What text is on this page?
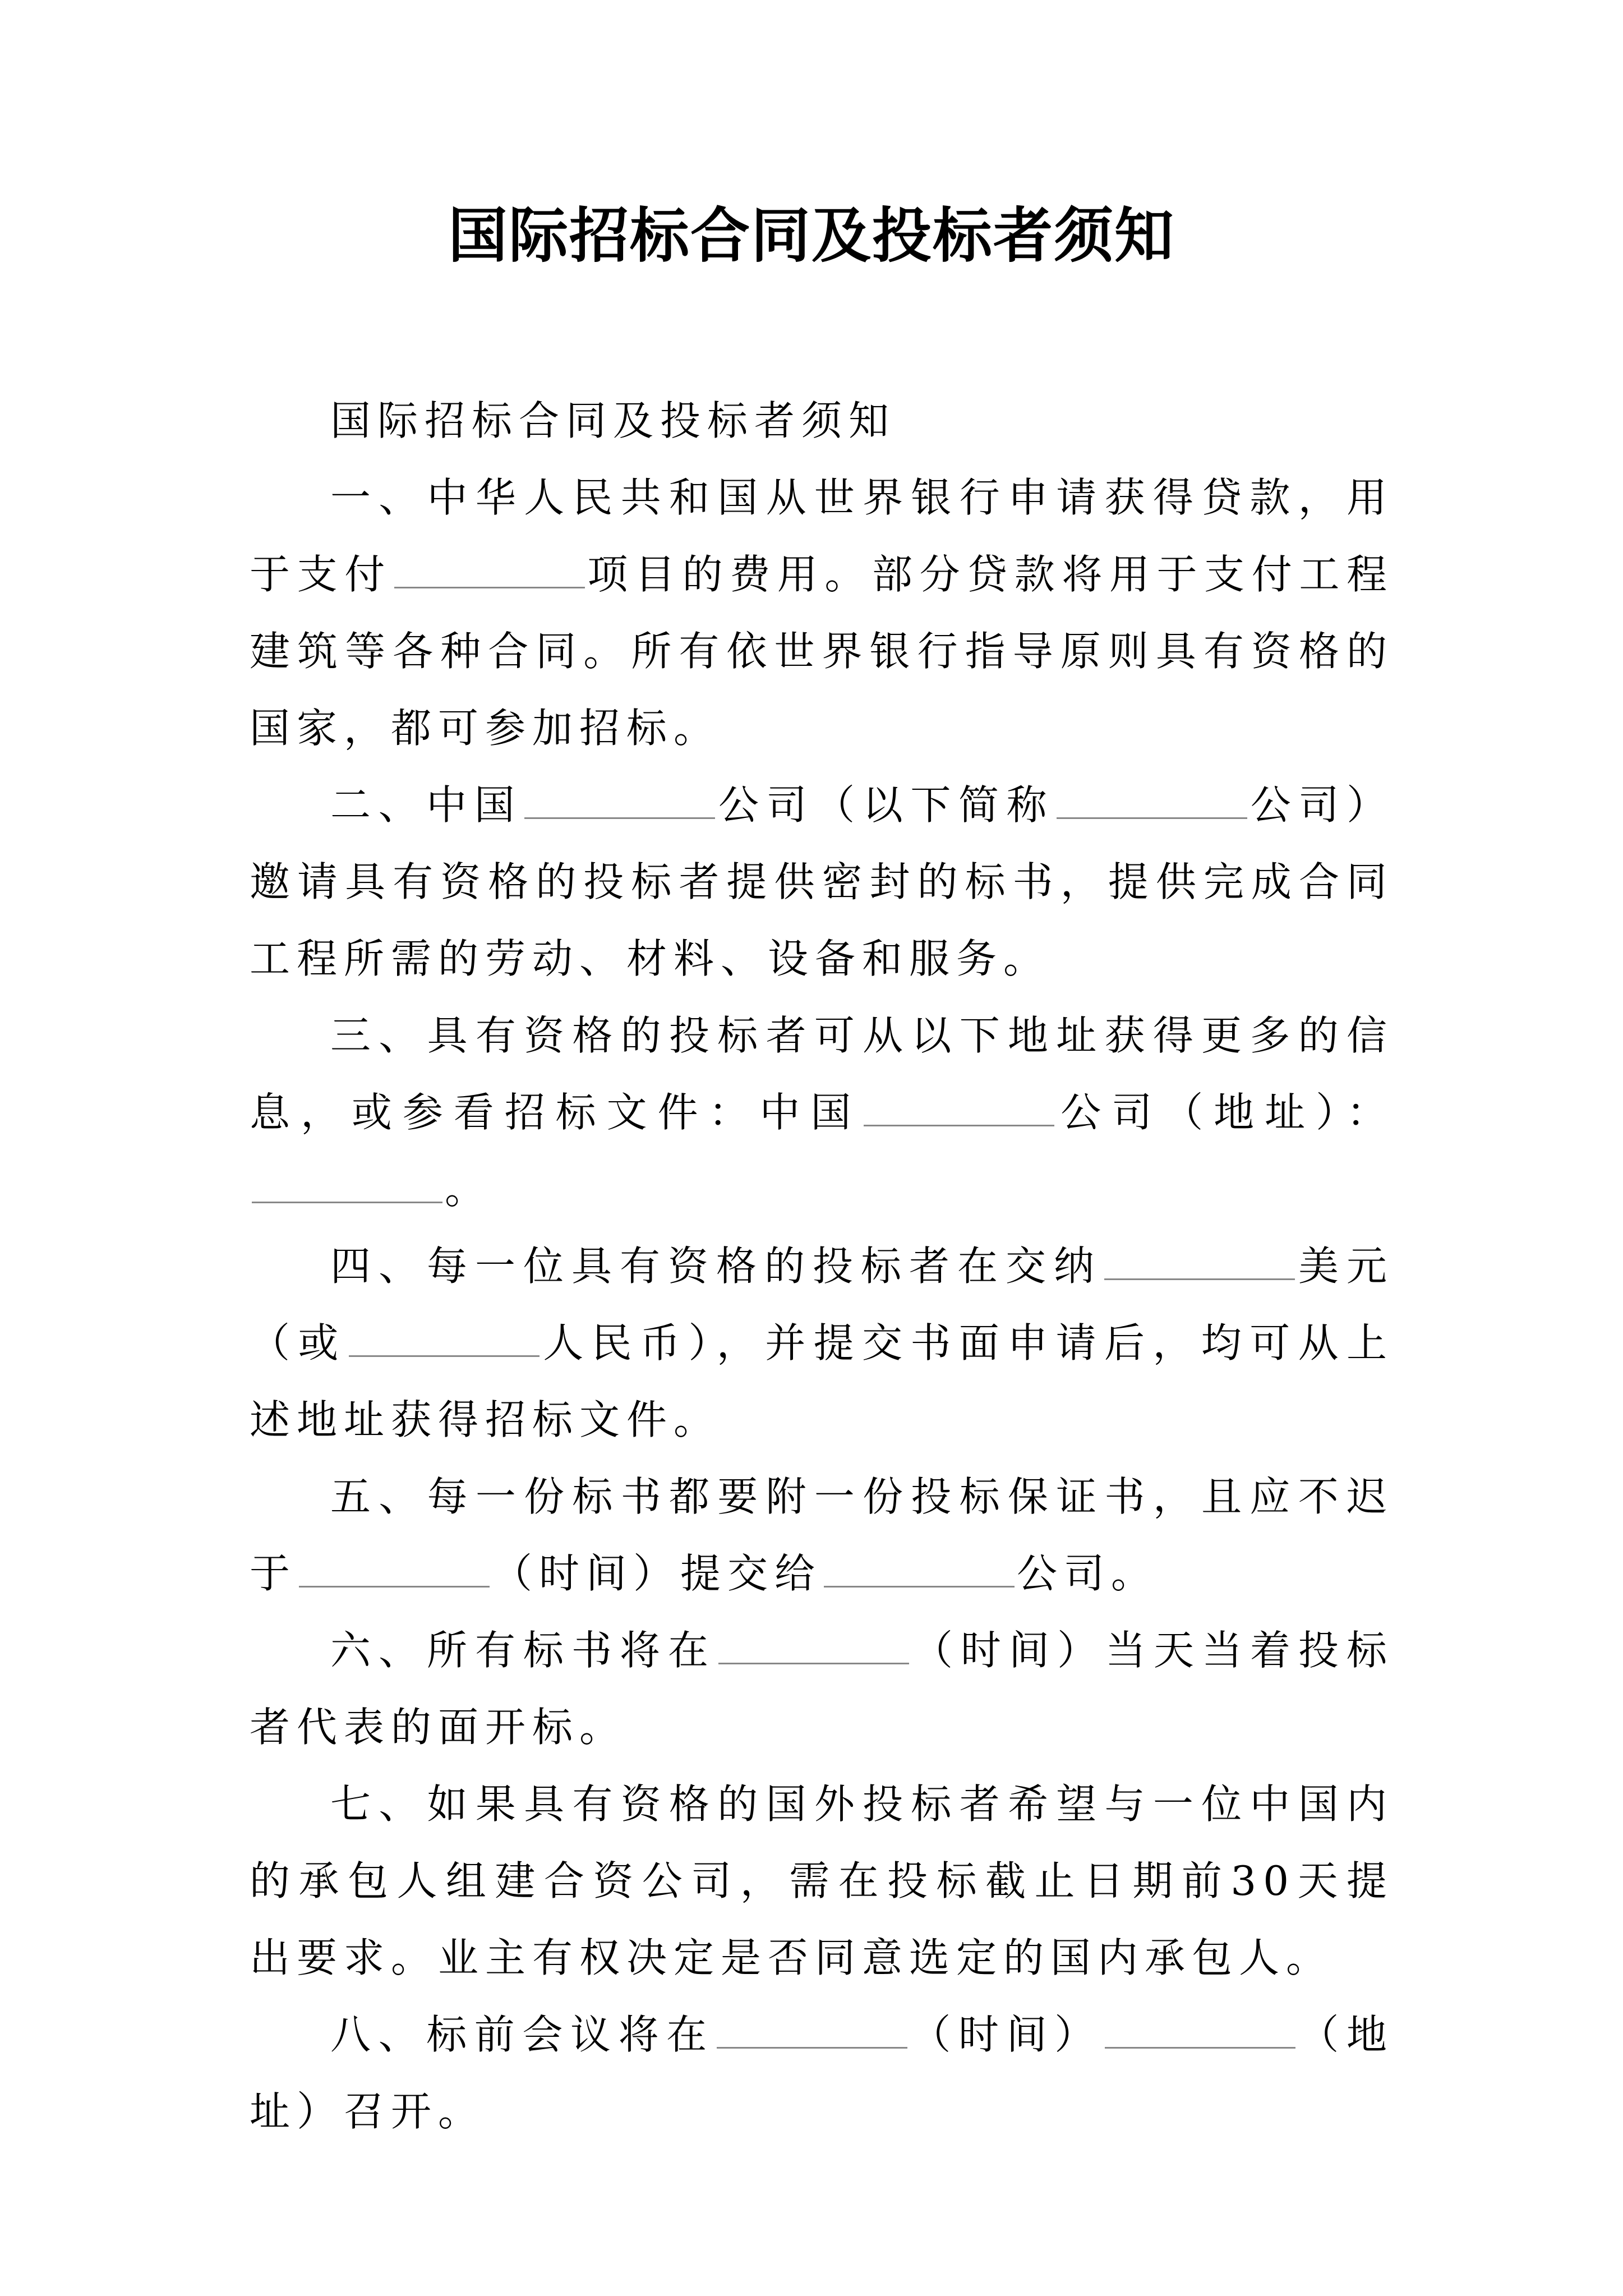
国际招标合同及投标者须知

国际招标合同及投标者须知

一、中华人民共和国从世界银行申请获得贷款，用于支付	项目的费用。部分贷款将用于支付工程建筑等各种合同。所有依世界银行指导原则具有资格的国家，都可参加招标。

二、中国	公司（以下简称	公司）邀请具有资格的投标者提供密封的标书，提供完成合同工程所需的劳动、材料、设备和服务。

三、具有资格的投标者可从以下地址获得更多的信息，或参看招标文件：中国	公司（地址）：。

四、每一位具有资格的投标者在交纳	美元（或	人民币），并提交书面申请后，均可从上述地址获得招标文件。

五、每一份标书都要附一份投标保证书，且应不迟于	（时间）提交给	公司。

六、所有标书将在	（时间）当天当着投标者代表的面开标。

七、如果具有资格的国外投标者希望与一位中国内的承包人组建合资公司，需在投标截止日期前30天提出要求。业主有权决定是否同意选定的国内承包人。

八、标前会议将在	（时间）	（地址）召开。
